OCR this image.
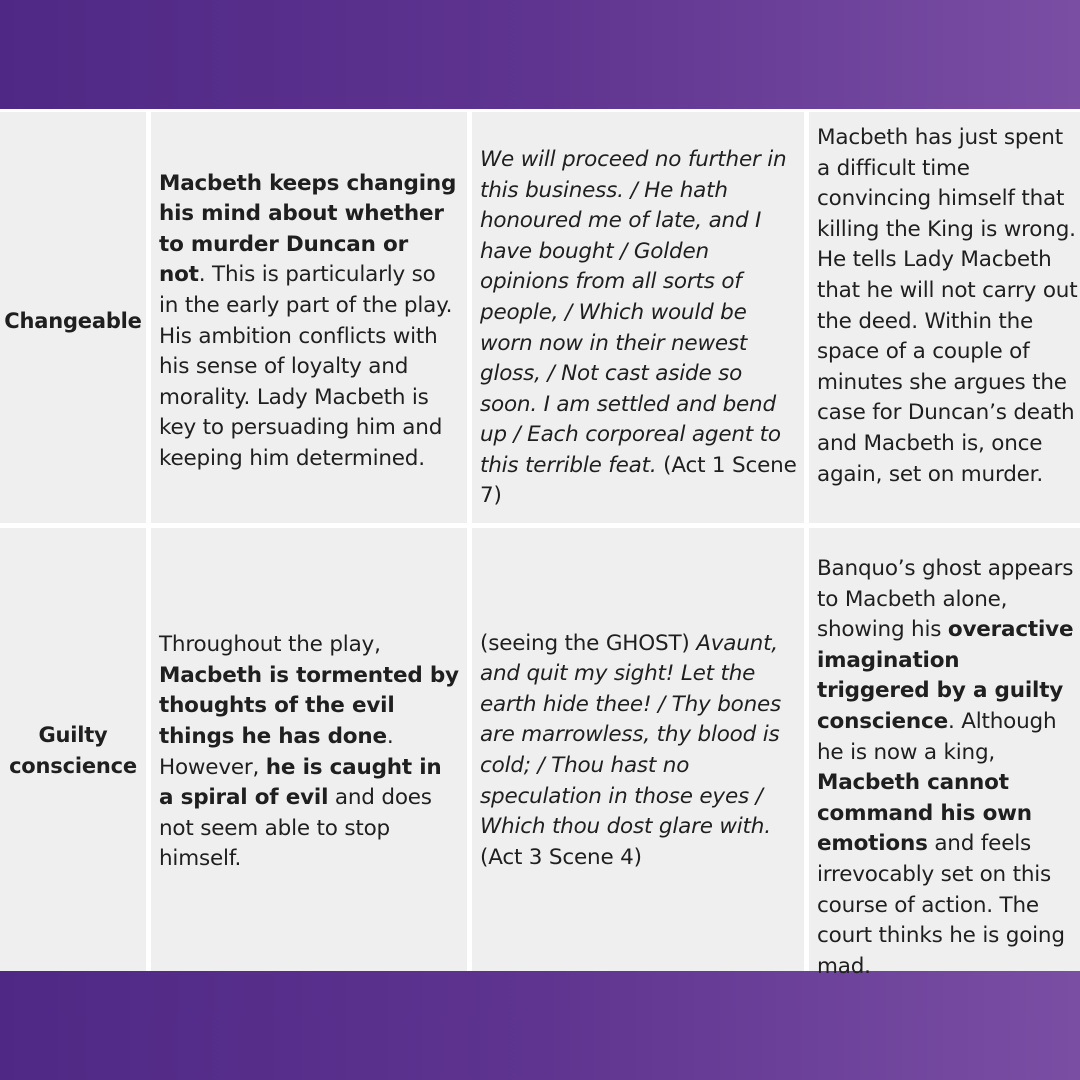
Changeable
Macbeth keeps changing his mind about whether to murder Duncan or not. This is particularly so in the early part of the play. His ambition conflicts with his sense of loyalty and morality. Lady Macbeth is key to persuading him and keeping him determined.
We will proceed no further in this business. / He hath honoured me of late, and I have bought / Golden opinions from all sorts of people, / Which would be worn now in their newest gloss, / Not cast aside so soon. I am settled and bend up / Each corporeal agent to this terrible feat. (Act 1 Scene 7)
Macbeth has just spent a difficult time convincing himself that killing the King is wrong. He tells Lady Macbeth that he will not carry out the deed. Within the space of a couple of minutes she argues the case for Duncan’s death and Macbeth is, once again, set on murder.
Guilty conscience
Throughout the play, Macbeth is tormented by thoughts of the evil things he has done. However, he is caught in a spiral of evil and does not seem able to stop himself.
(seeing the GHOST) Avaunt, and quit my sight! Let the earth hide thee! / Thy bones are marrowless, thy blood is cold; / Thou hast no speculation in those eyes / Which thou dost glare with. (Act 3 Scene 4)
Banquo’s ghost appears to Macbeth alone, showing his overactive imagination triggered by a guilty conscience. Although he is now a king, Macbeth cannot command his own emotions and feels irrevocably set on this course of action. The court thinks he is going mad.
